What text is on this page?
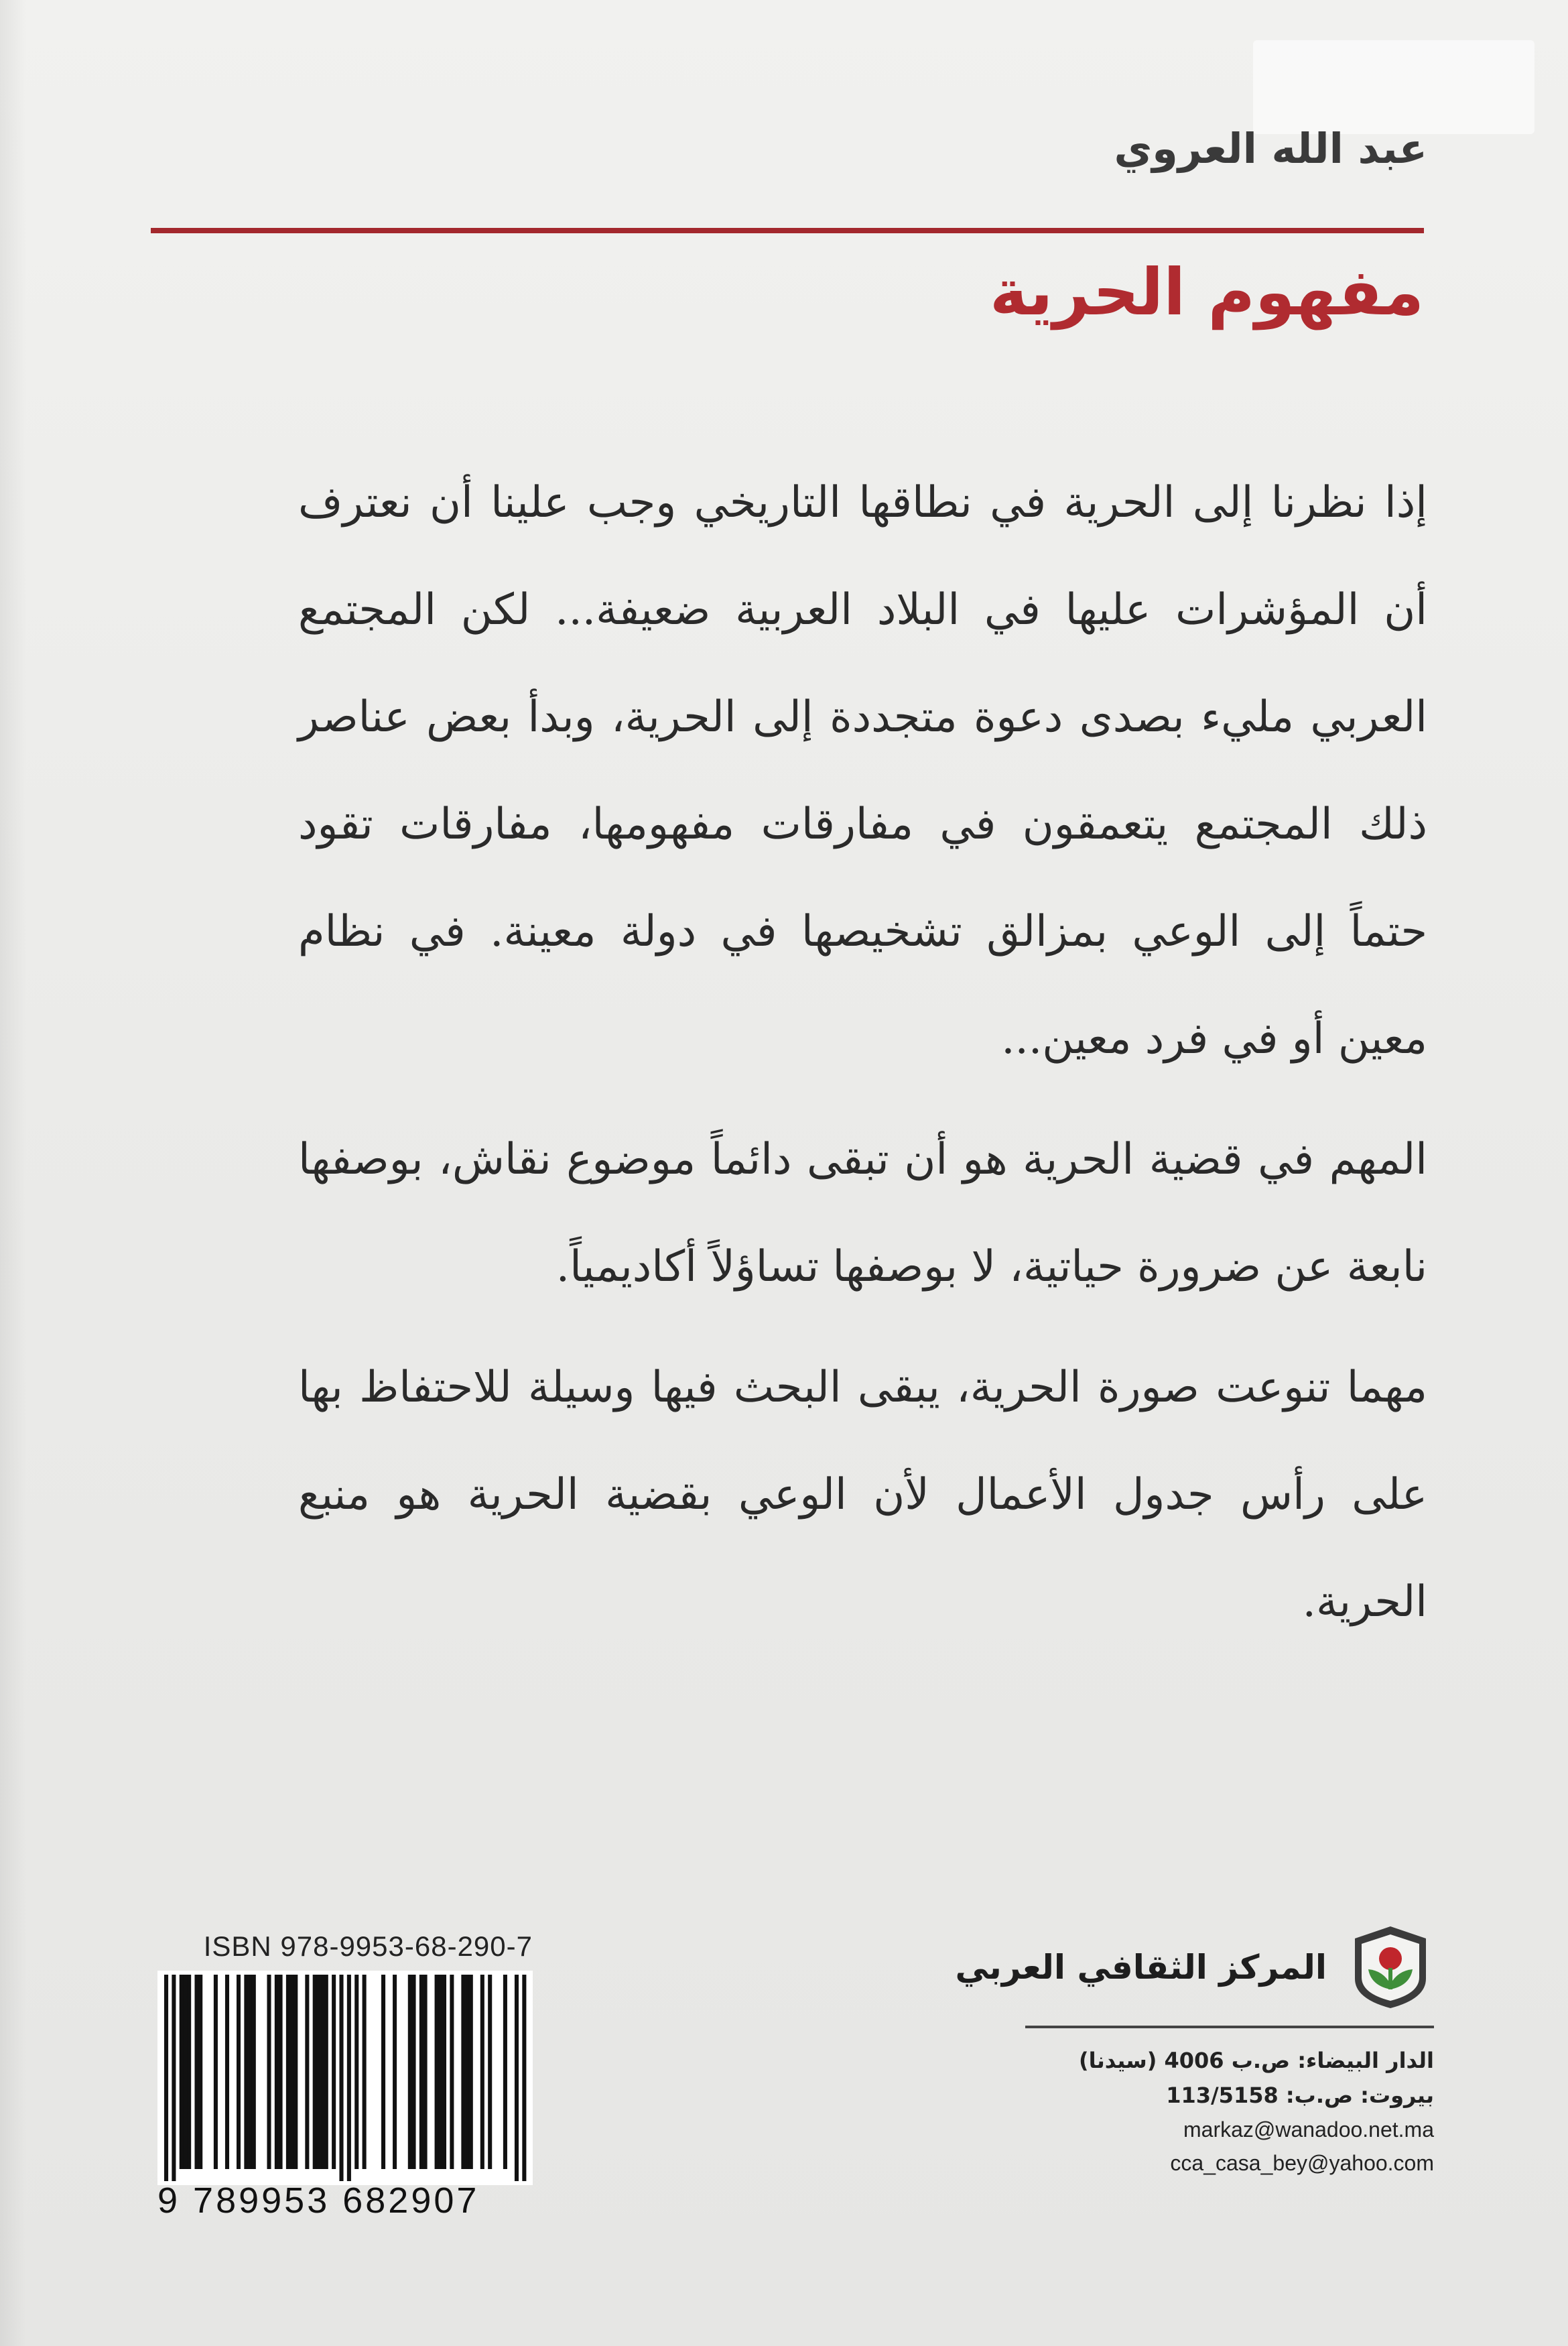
عبد الله العروي
مفهوم الحرية

إذا نظرنا إلى الحرية في نطاقها التاريخي وجب علينا أن نعترف أن المؤشرات عليها في البلاد العربية ضعيفة... لكن المجتمع العربي مليء بصدى دعوة متجددة إلى الحرية، وبدأ بعض عناصر ذلك المجتمع يتعمقون في مفارقات مفهومها، مفارقات تقود حتماً إلى الوعي بمزالق تشخيصها في دولة معينة. في نظام معين أو في فرد معين...

المهم في قضية الحرية هو أن تبقى دائماً موضوع نقاش، بوصفها نابعة عن ضرورة حياتية، لا بوصفها تساؤلاً أكاديمياً.

مهما تنوعت صورة الحرية، يبقى البحث فيها وسيلة للاحتفاظ بها على رأس جدول الأعمال لأن الوعي بقضية الحرية هو منبع الحرية.

ISBN 978-9953-68-290-7
9 789953 682907
المركز الثقافي العربي
الدار البيضاء: ص.ب 4006 (سيدنا)
بيروت: ص.ب: 113/5158
markaz@wanadoo.net.ma
cca_casa_bey@yahoo.com
